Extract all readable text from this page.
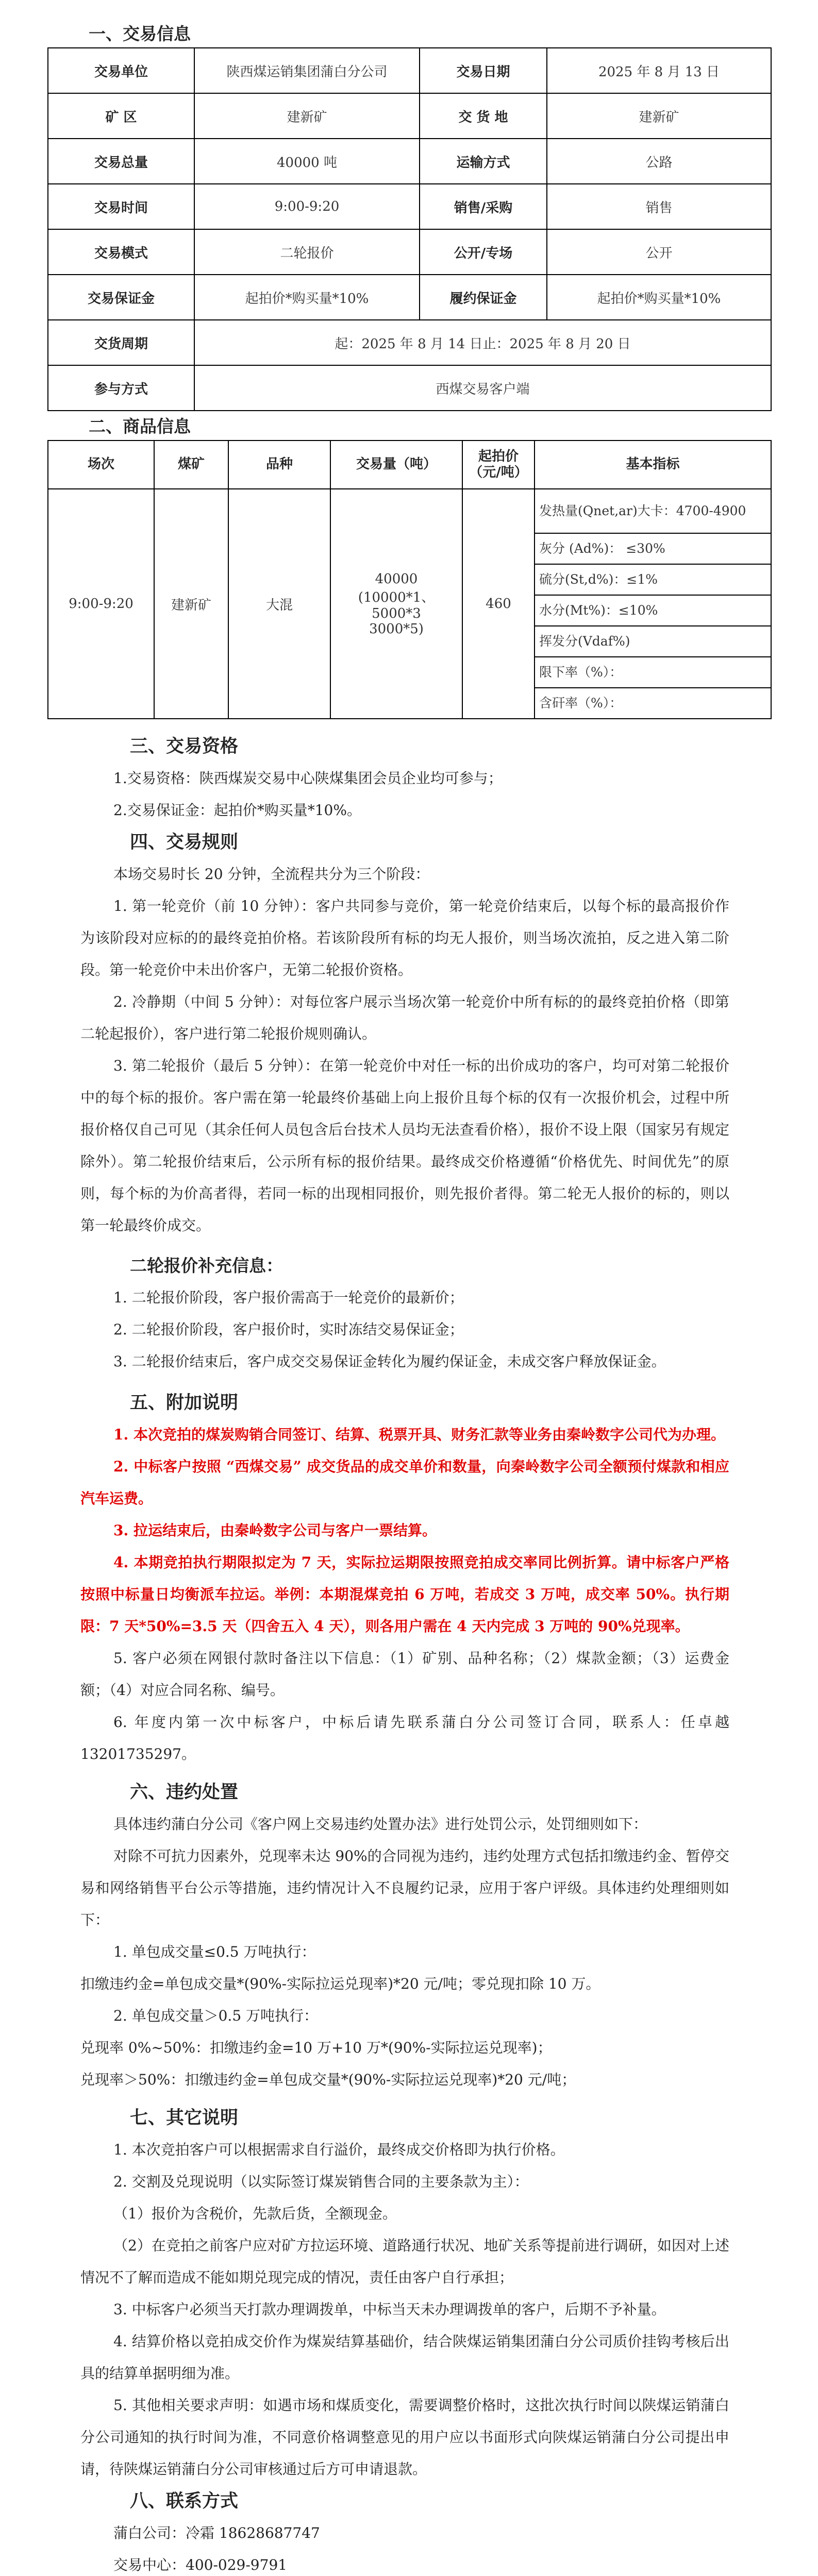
一、交易信息
交易单位	陕西煤运销集团蒲白分公司	交易日期	2025 年 8 月 13 日
矿 区	建新矿	交 货 地	建新矿
交易总量	40000 吨	运输方式	公路
交易时间	9:00-9:20	销售/采购	销售
交易模式	二轮报价	公开/专场	公开
交易保证金	起拍价*购买量*10%	履约保证金	起拍价*购买量*10%
交货周期	起：2025 年 8 月 14 日止：2025 年 8 月 20 日		
参与方式	西煤交易客户端		
二、商品信息
场次	煤矿	品种	交易量（吨）	起拍价（元/吨）	基本指标
9:00-9:20	建新矿	大混	40000
(10000*1、
5000*3
3000*5)	460	发热量(Qnet,ar)大卡：4700-4900
					灰分 (Ad%)： ≤30%
					硫分(St,d%)：≤1%
					水分(Mt%)：≤10%
					挥发分(Vdaf%)
					限下率（%）：
					含矸率（%）：
三、交易资格

1.交易资格：陕西煤炭交易中心陕煤集团会员企业均可参与；

2.交易保证金：起拍价*购买量*10%。

四、交易规则

本场交易时长 20 分钟，全流程共分为三个阶段：

1. 第一轮竞价（前 10 分钟）：客户共同参与竞价，第一轮竞价结束后，以每个标的最高报价作为该阶段对应标的的最终竞拍价格。若该阶段所有标的均无人报价，则当场次流拍，反之进入第二阶段。第一轮竞价中未出价客户，无第二轮报价资格。

2. 冷静期（中间 5 分钟）：对每位客户展示当场次第一轮竞价中所有标的的最终竞拍价格（即第二轮起报价），客户进行第二轮报价规则确认。

3. 第二轮报价（最后 5 分钟）：在第一轮竞价中对任一标的出价成功的客户，均可对第二轮报价中的每个标的报价。客户需在第一轮最终价基础上向上报价且每个标的仅有一次报价机会，过程中所报价格仅自己可见（其余任何人员包含后台技术人员均无法查看价格），报价不设上限（国家另有规定除外）。第二轮报价结束后，公示所有标的报价结果。最终成交价格遵循“价格优先、时间优先”的原则，每个标的为价高者得，若同一标的出现相同报价，则先报价者得。第二轮无人报价的标的，则以第一轮最终价成交。

二轮报价补充信息：

1. 二轮报价阶段，客户报价需高于一轮竞价的最新价；

2. 二轮报价阶段，客户报价时，实时冻结交易保证金；

3. 二轮报价结束后，客户成交交易保证金转化为履约保证金，未成交客户释放保证金。

五、附加说明

1. 本次竞拍的煤炭购销合同签订、结算、税票开具、财务汇款等业务由秦岭数字公司代为办理。

2. 中标客户按照 “西煤交易” 成交货品的成交单价和数量，向秦岭数字公司全额预付煤款和相应汽车运费。

3. 拉运结束后，由秦岭数字公司与客户一票结算。

4. 本期竞拍执行期限拟定为 7 天，实际拉运期限按照竞拍成交率同比例折算。请中标客户严格按照中标量日均衡派车拉运。举例：本期混煤竞拍 6 万吨，若成交 3 万吨，成交率 50%。执行期限：7 天*50%=3.5 天（四舍五入 4 天），则各用户需在 4 天内完成 3 万吨的 90%兑现率。

5. 客户必须在网银付款时备注以下信息：（1）矿别、品种名称；（2）煤款金额；（3）运费金额；（4）对应合同名称、编号。

6. 年度内第一次中标客户，中标后请先联系蒲白分公司签订合同，联系人：任卓越 13201735297。

六、违约处置

具体违约蒲白分公司《客户网上交易违约处置办法》进行处罚公示，处罚细则如下：

对除不可抗力因素外，兑现率未达 90%的合同视为违约，违约处理方式包括扣缴违约金、暂停交易和网络销售平台公示等措施，违约情况计入不良履约记录，应用于客户评级。具体违约处理细则如下：

1. 单包成交量≤0.5 万吨执行：

扣缴违约金=单包成交量*(90%-实际拉运兑现率)*20 元/吨；零兑现扣除 10 万。

2. 单包成交量＞0.5 万吨执行：

兑现率 0%~50%：扣缴违约金=10 万+10 万*(90%-实际拉运兑现率)；

兑现率＞50%：扣缴违约金=单包成交量*(90%-实际拉运兑现率)*20 元/吨；

七、其它说明

1. 本次竞拍客户可以根据需求自行溢价，最终成交价格即为执行价格。

2. 交割及兑现说明（以实际签订煤炭销售合同的主要条款为主）：

（1）报价为含税价，先款后货，全额现金。

（2）在竞拍之前客户应对矿方拉运环境、道路通行状况、地矿关系等提前进行调研，如因对上述情况不了解而造成不能如期兑现完成的情况，责任由客户自行承担；

3. 中标客户必须当天打款办理调拨单，中标当天未办理调拨单的客户，后期不予补量。

4. 结算价格以竞拍成交价作为煤炭结算基础价，结合陕煤运销集团蒲白分公司质价挂钩考核后出具的结算单据明细为准。

5. 其他相关要求声明：如遇市场和煤质变化，需要调整价格时，这批次执行时间以陕煤运销蒲白分公司通知的执行时间为准，不同意价格调整意见的用户应以书面形式向陕煤运销蒲白分公司提出申请，待陕煤运销蒲白分公司审核通过后方可申请退款。

八、联系方式

蒲白公司：冷霜 18628687747

交易中心：400-029-9791
